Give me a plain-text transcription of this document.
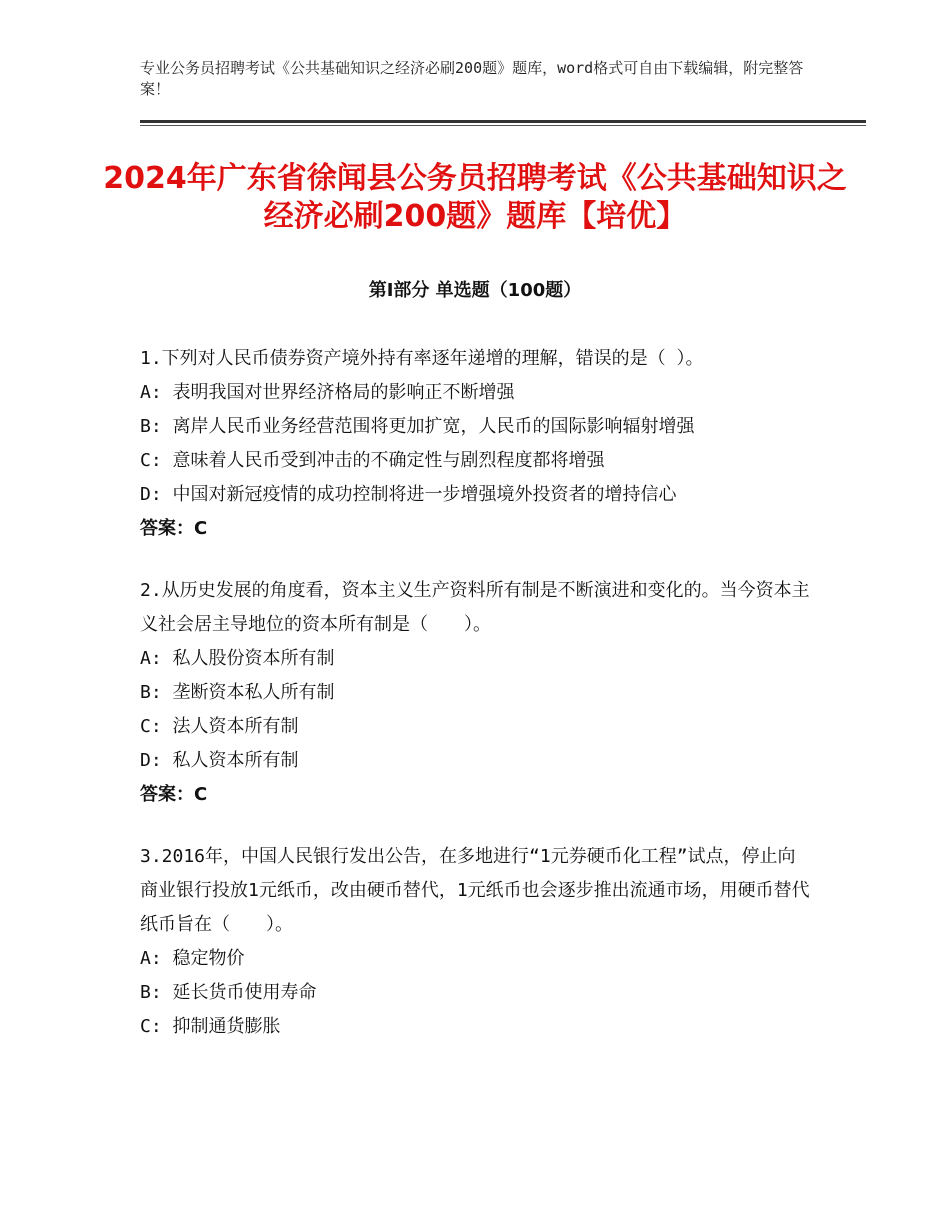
专业公务员招聘考试《公共基础知识之经济必刷200题》题库，word格式可自由下载编辑，附完整答案！
2024年广东省徐闻县公务员招聘考试《公共基础知识之经济必刷200题》题库【培优】
第Ⅰ部分 单选题（100题）

1.下列对人民币债券资产境外持有率逐年递增的理解，错误的是（ ）。

A: 表明我国对世界经济格局的影响正不断增强

B: 离岸人民币业务经营范围将更加扩宽，人民币的国际影响辐射增强

C: 意味着人民币受到冲击的不确定性与剧烈程度都将增强

D: 中国对新冠疫情的成功控制将进一步增强境外投资者的增持信心

答案：C

2.从历史发展的角度看，资本主义生产资料所有制是不断演进和变化的。当今资本主义社会居主导地位的资本所有制是（　　）。

A: 私人股份资本所有制

B: 垄断资本私人所有制

C: 法人资本所有制

D: 私人资本所有制

答案：C

3.2016年，中国人民银行发出公告，在多地进行“1元券硬币化工程”试点，停止向商业银行投放1元纸币，改由硬币替代，1元纸币也会逐步推出流通市场，用硬币替代纸币旨在（　　）。

A: 稳定物价

B: 延长货币使用寿命

C: 抑制通货膨胀
